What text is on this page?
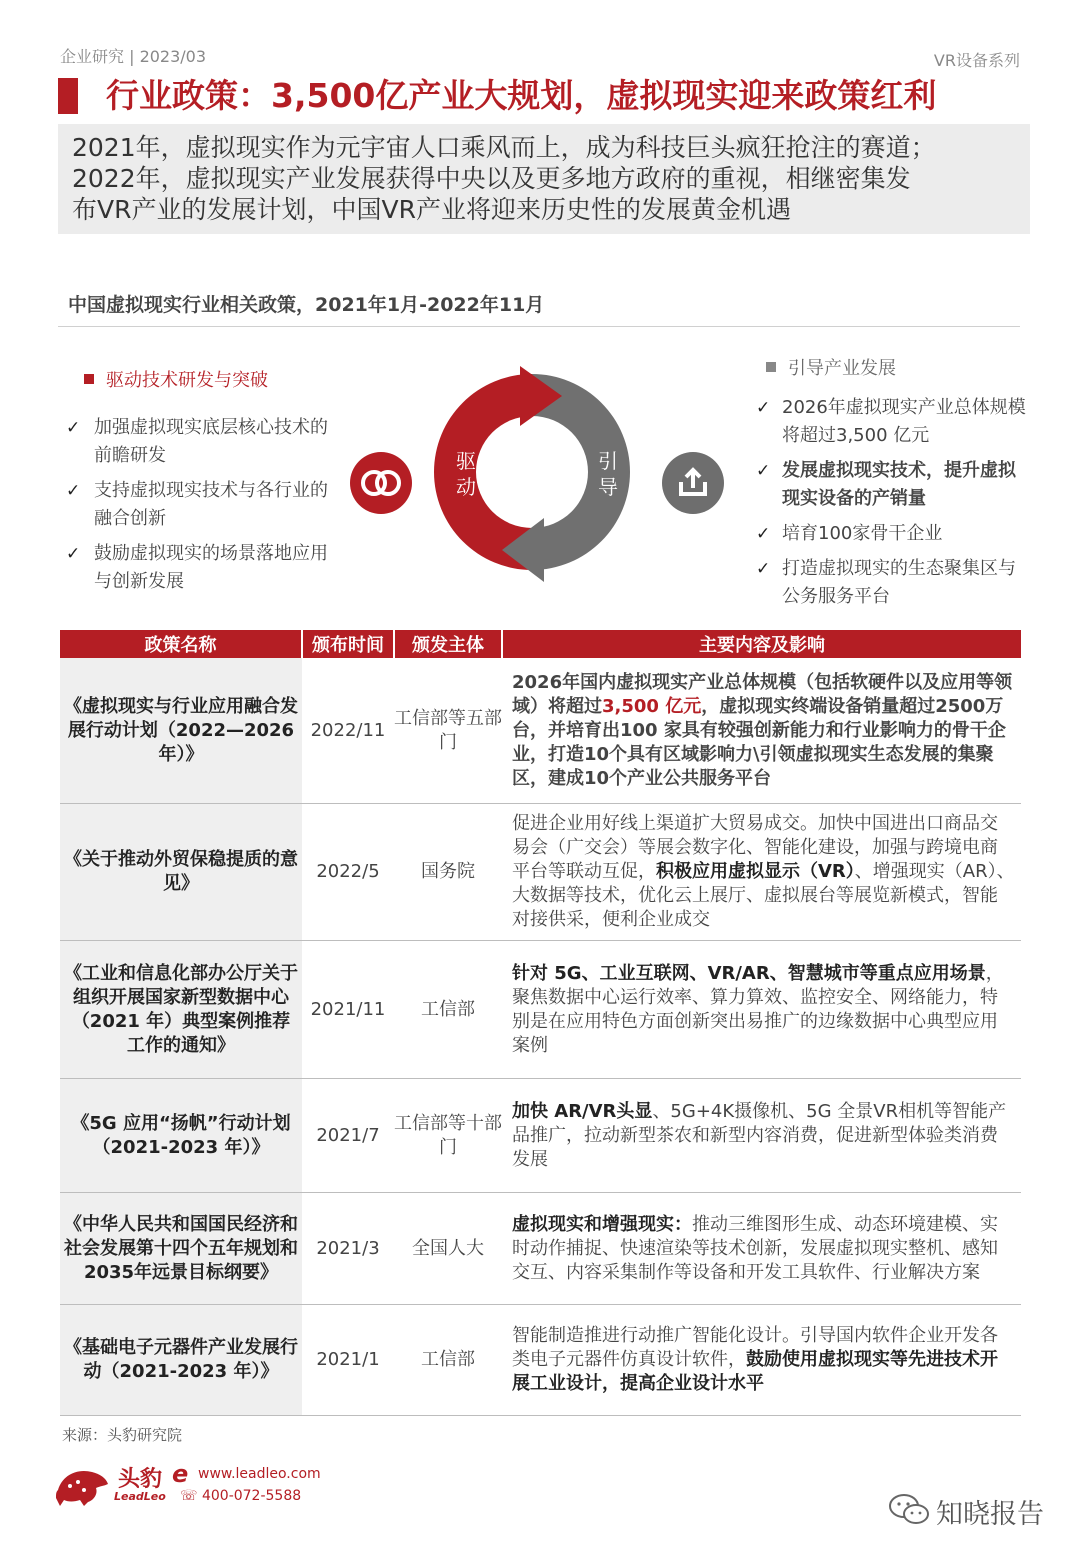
企业研究 | 2023/03	VR设备系列
行业政策：3,500亿产业大规划，虚拟现实迎来政策红利
2021年，虚拟现实作为元宇宙人口乘风而上，成为科技巨头疯狂抢注的赛道；
2022年，虚拟现实产业发展获得中央以及更多地方政府的重视，相继密集发
布VR产业的发展计划，中国VR产业将迎来历史性的发展黄金机遇
中国虚拟现实行业相关政策，2021年1月-2022年11月
驱动技术研发与突破
✓ 加强虚拟现实底层核心技术的前瞻研发
✓ 支持虚拟现实技术与各行业的融合创新
✓ 鼓励虚拟现实的场景落地应用与创新发展
驱
动
引
导
引导产业发展
✓ 2026年虚拟现实产业总体规模将超过3,500 亿元
✓ 发展虚拟现实技术，提升虚拟现实设备的产销量
✓ 培育100家骨干企业
✓ 打造虚拟现实的生态聚集区与公务服务平台
政策名称	颁布时间	颁发主体	主要内容及影响
《虚拟现实与行业应用融合发展行动计划（2022—2026 年）》	2022/11	工信部等五部门	2026年国内虚拟现实产业总体规模（包括软硬件以及应用等领域）将超过3,500 亿元，虚拟现实终端设备销量超过2500万台，并培育出100 家具有较强创新能力和行业影响力的骨干企业，打造10个具有区域影响力\引领虚拟现实生态发展的集聚区，建成10个产业公共服务平台
《关于推动外贸保稳提质的意见》	2022/5	国务院	促进企业用好线上渠道扩大贸易成交。加快中国进出口商品交易会（广交会）等展会数字化、智能化建设，加强与跨境电商平台等联动互促，积极应用虚拟显示（VR）、增强现实（AR）、大数据等技术，优化云上展厅、虚拟展台等展览新模式，智能对接供采，便利企业成交
《工业和信息化部办公厅关于组织开展国家新型数据中心（2021 年）典型案例推荐工作的通知》	2021/11	工信部	针对 5G、工业互联网、VR/AR、智慧城市等重点应用场景，聚焦数据中心运行效率、算力算效、监控安全、网络能力，特别是在应用特色方面创新突出易推广的边缘数据中心典型应用案例
《5G 应用“扬帆”行动计划（2021-2023 年）》	2021/7	工信部等十部门	加快 AR/VR头显、5G+4K摄像机、5G 全景VR相机等智能产品推广，拉动新型茶农和新型内容消费，促进新型体验类消费发展
《中华人民共和国国民经济和社会发展第十四个五年规划和2035年远景目标纲要》	2021/3	全国人大	虚拟现实和增强现实：推动三维图形生成、动态环境建模、实时动作捕捉、快速渲染等技术创新，发展虚拟现实整机、感知交互、内容采集制作等设备和开发工具软件、行业解决方案
《基础电子元器件产业发展行 动（2021-2023 年）》	2021/1	工信部	智能制造推进行动推广智能化设计。引导国内软件企业开发各类电子元器件仿真设计软件，鼓励使用虚拟现实等先进技术开展工业设计，提高企业设计水平
来源：头豹研究院
头豹
LeadLeo
e www.leadleo.com
☏ 400-072-5588
知晓报告
